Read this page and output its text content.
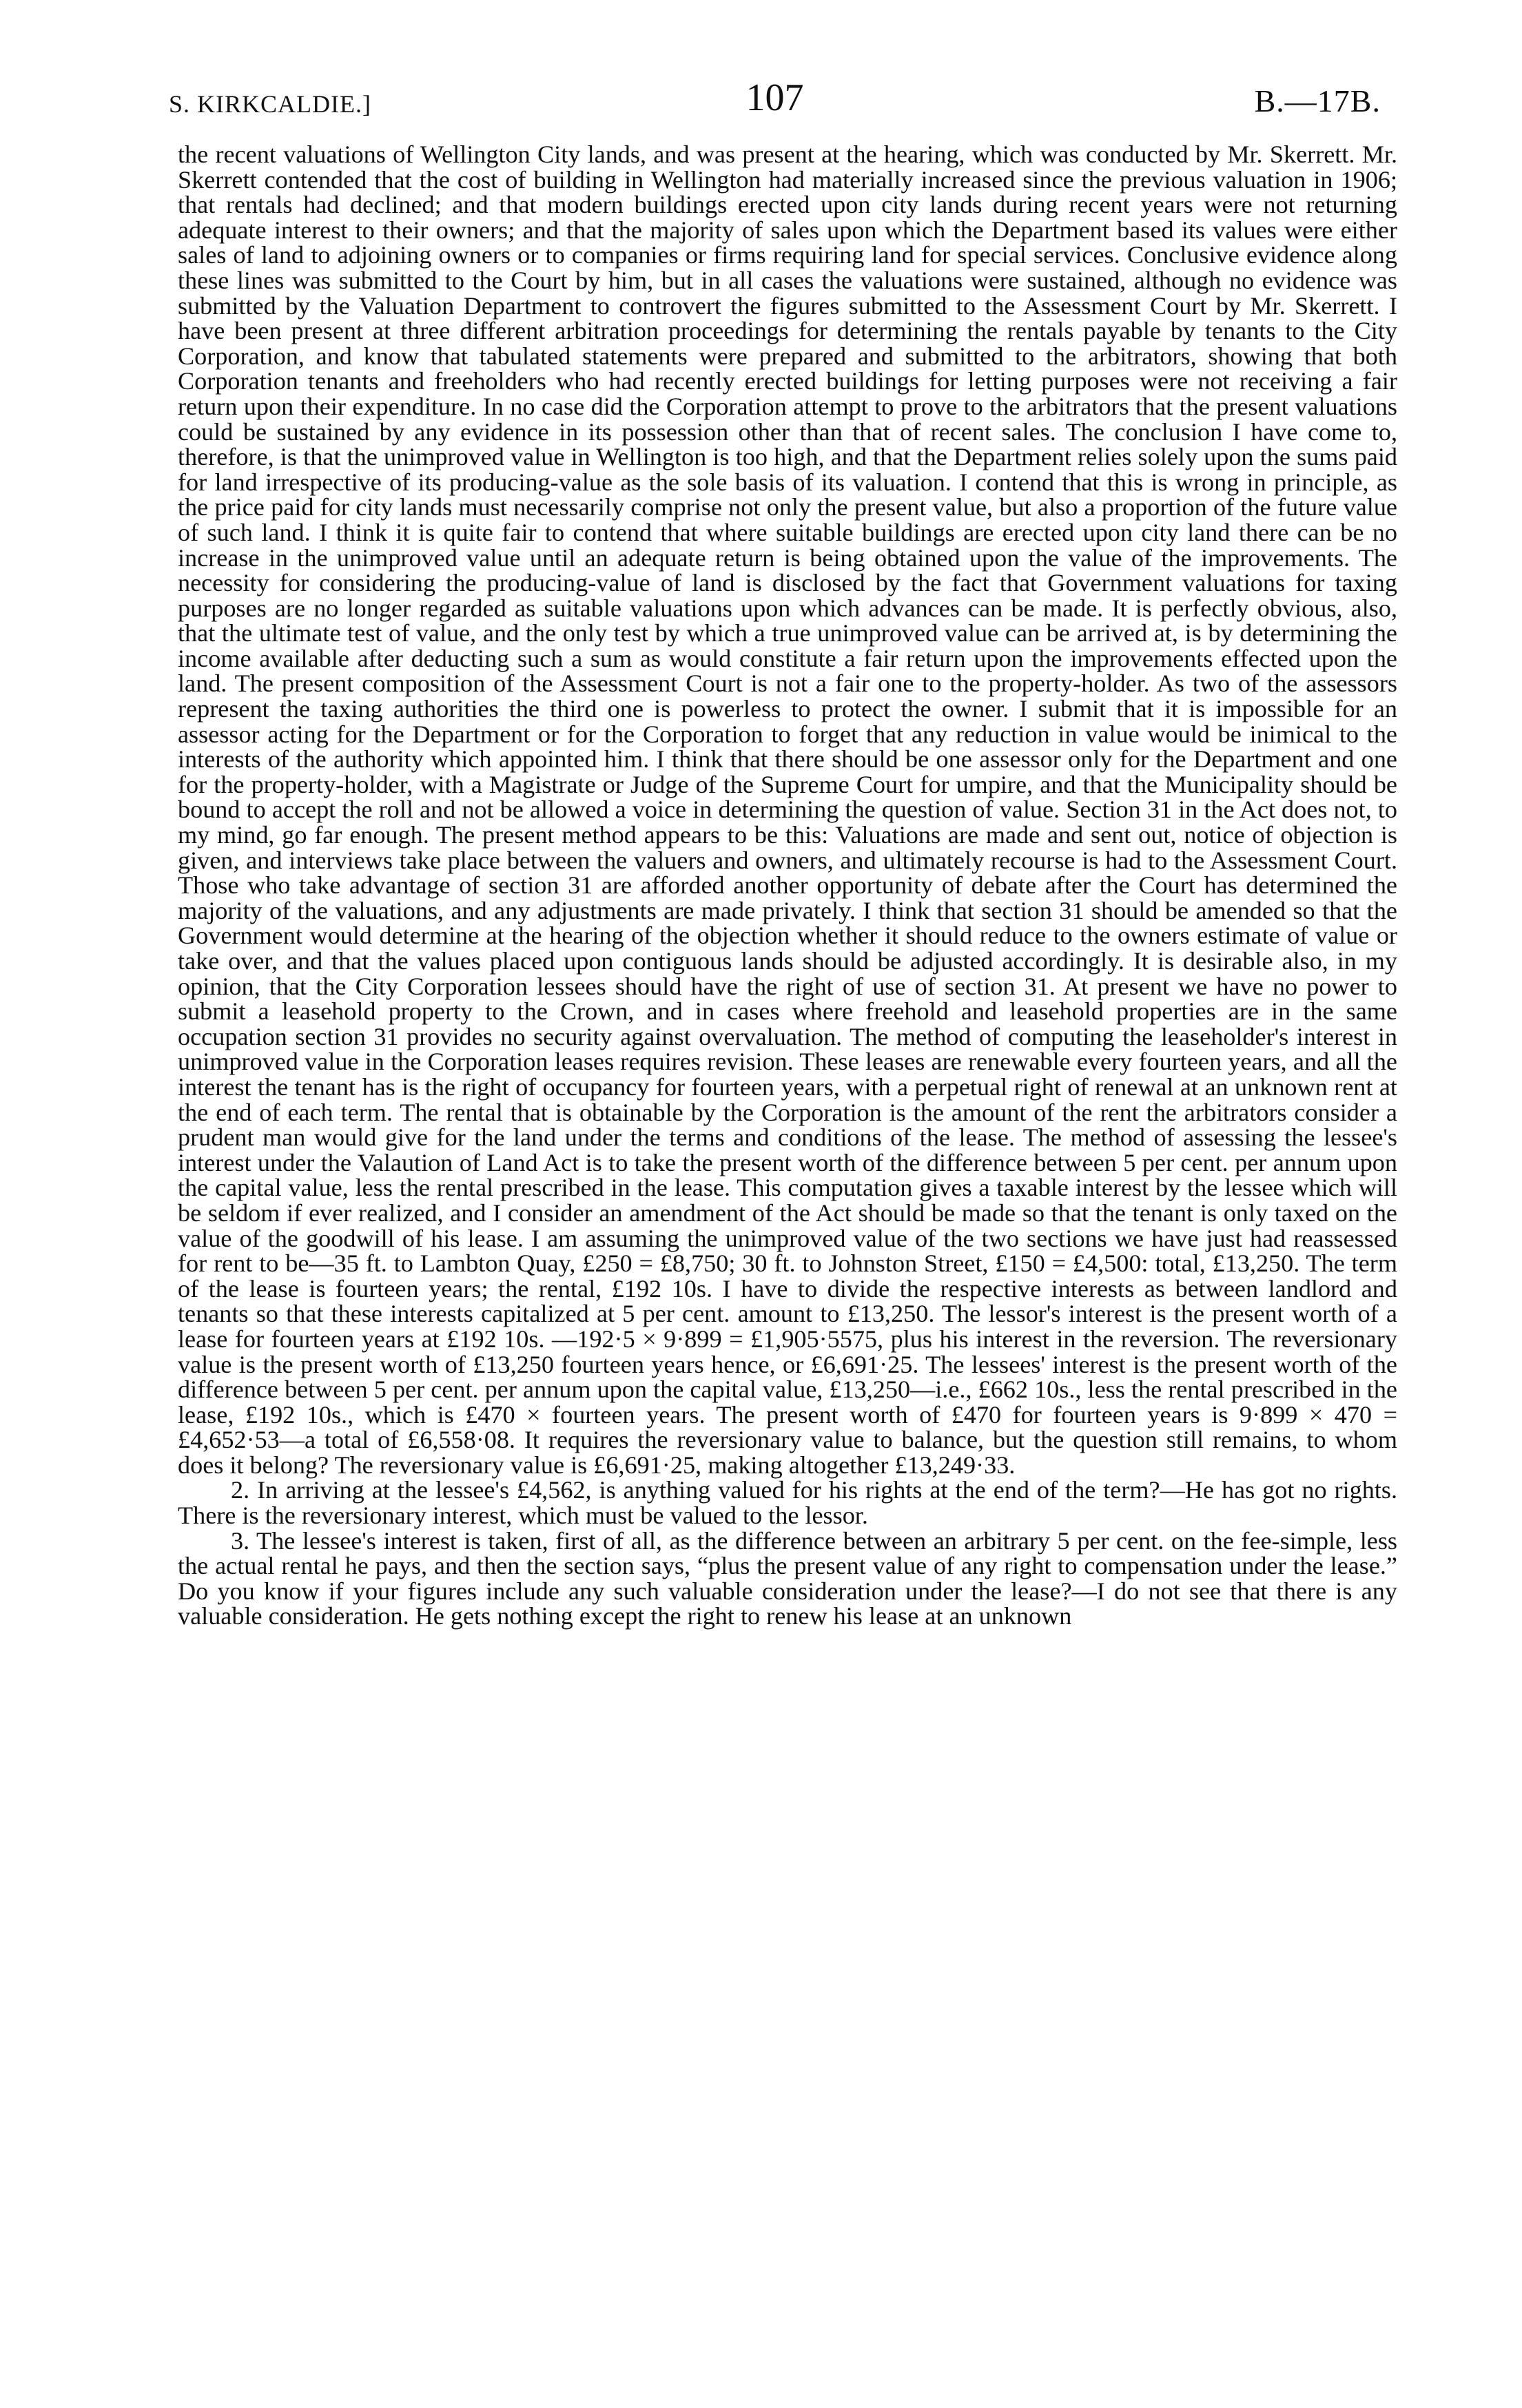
S. KIRKCALDIE.]	107	B.—17B.

the recent valuations of Wellington City lands, and was present at the hearing, which was conducted by Mr. Skerrett. Mr. Skerrett contended that the cost of building in Wellington had materially increased since the previous valuation in 1906; that rentals had declined; and that modern buildings erected upon city lands during recent years were not returning adequate interest to their owners; and that the majority of sales upon which the Department based its values were either sales of land to adjoining owners or to companies or firms requiring land for special services. Conclusive evidence along these lines was submitted to the Court by him, but in all cases the valuations were sustained, although no evidence was submitted by the Valuation Department to controvert the figures submitted to the Assessment Court by Mr. Skerrett. I have been present at three different arbitration proceedings for determining the rentals payable by tenants to the City Corporation, and know that tabulated statements were prepared and submitted to the arbitrators, showing that both Corporation tenants and freeholders who had recently erected buildings for letting purposes were not receiving a fair return upon their expenditure. In no case did the Corporation attempt to prove to the arbitrators that the present valuations could be sustained by any evidence in its possession other than that of recent sales. The conclusion I have come to, therefore, is that the unimproved value in Wellington is too high, and that the Department relies solely upon the sums paid for land irrespective of its producing-value as the sole basis of its valuation. I contend that this is wrong in principle, as the price paid for city lands must necessarily comprise not only the present value, but also a proportion of the future value of such land. I think it is quite fair to contend that where suitable buildings are erected upon city land there can be no increase in the unimproved value until an adequate return is being obtained upon the value of the improvements. The necessity for considering the producing-value of land is disclosed by the fact that Government valuations for taxing purposes are no longer regarded as suitable valuations upon which advances can be made. It is perfectly obvious, also, that the ultimate test of value, and the only test by which a true unimproved value can be arrived at, is by determining the income available after deducting such a sum as would constitute a fair return upon the improvements effected upon the land. The present composition of the Assessment Court is not a fair one to the property-holder. As two of the assessors represent the taxing authorities the third one is powerless to protect the owner. I submit that it is impossible for an assessor acting for the Department or for the Corporation to forget that any reduction in value would be inimical to the interests of the authority which appointed him. I think that there should be one assessor only for the Department and one for the property-holder, with a Magistrate or Judge of the Supreme Court for umpire, and that the Municipality should be bound to accept the roll and not be allowed a voice in determining the question of value. Section 31 in the Act does not, to my mind, go far enough. The present method appears to be this: Valuations are made and sent out, notice of objection is given, and interviews take place between the valuers and owners, and ultimately recourse is had to the Assessment Court. Those who take advantage of section 31 are afforded another opportunity of debate after the Court has determined the majority of the valuations, and any adjustments are made privately. I think that section 31 should be amended so that the Government would determine at the hearing of the objection whether it should reduce to the owners estimate of value or take over, and that the values placed upon contiguous lands should be adjusted accordingly. It is desirable also, in my opinion, that the City Corporation lessees should have the right of use of section 31. At present we have no power to submit a leasehold property to the Crown, and in cases where freehold and leasehold properties are in the same occupation section 31 provides no security against overvaluation. The method of computing the leaseholder's interest in unimproved value in the Corporation leases requires revision. These leases are renewable every fourteen years, and all the interest the tenant has is the right of occupancy for fourteen years, with a perpetual right of renewal at an unknown rent at the end of each term. The rental that is obtainable by the Corporation is the amount of the rent the arbitrators consider a prudent man would give for the land under the terms and conditions of the lease. The method of assessing the lessee's interest under the Valaution of Land Act is to take the present worth of the difference between 5 per cent. per annum upon the capital value, less the rental prescribed in the lease. This computation gives a taxable interest by the lessee which will be seldom if ever realized, and I consider an amendment of the Act should be made so that the tenant is only taxed on the value of the goodwill of his lease. I am assuming the unimproved value of the two sections we have just had reassessed for rent to be—35 ft. to Lambton Quay, £250 = £8,750; 30 ft. to Johnston Street, £150 = £4,500: total, £13,250. The term of the lease is fourteen years; the rental, £192 10s. I have to divide the respective interests as between landlord and tenants so that these interests capitalized at 5 per cent. amount to £13,250. The lessor's interest is the present worth of a lease for fourteen years at £192 10s. —192·5 × 9·899 = £1,905·5575, plus his interest in the reversion. The reversionary value is the present worth of £13,250 fourteen years hence, or £6,691·25. The lessees' interest is the present worth of the difference between 5 per cent. per annum upon the capital value, £13,250—i.e., £662 10s., less the rental prescribed in the lease, £192 10s., which is £470 × fourteen years. The present worth of £470 for fourteen years is 9·899 × 470 = £4,652·53—a total of £6,558·08. It requires the reversionary value to balance, but the question still remains, to whom does it belong? The reversionary value is £6,691·25, making altogether £13,249·33.

2. In arriving at the lessee's £4,562, is anything valued for his rights at the end of the term?—He has got no rights. There is the reversionary interest, which must be valued to the lessor.

3. The lessee's interest is taken, first of all, as the difference between an arbitrary 5 per cent. on the fee-simple, less the actual rental he pays, and then the section says, “plus the present value of any right to compensation under the lease.” Do you know if your figures include any such valuable consideration under the lease?—I do not see that there is any valuable consideration. He gets nothing except the right to renew his lease at an unknown
